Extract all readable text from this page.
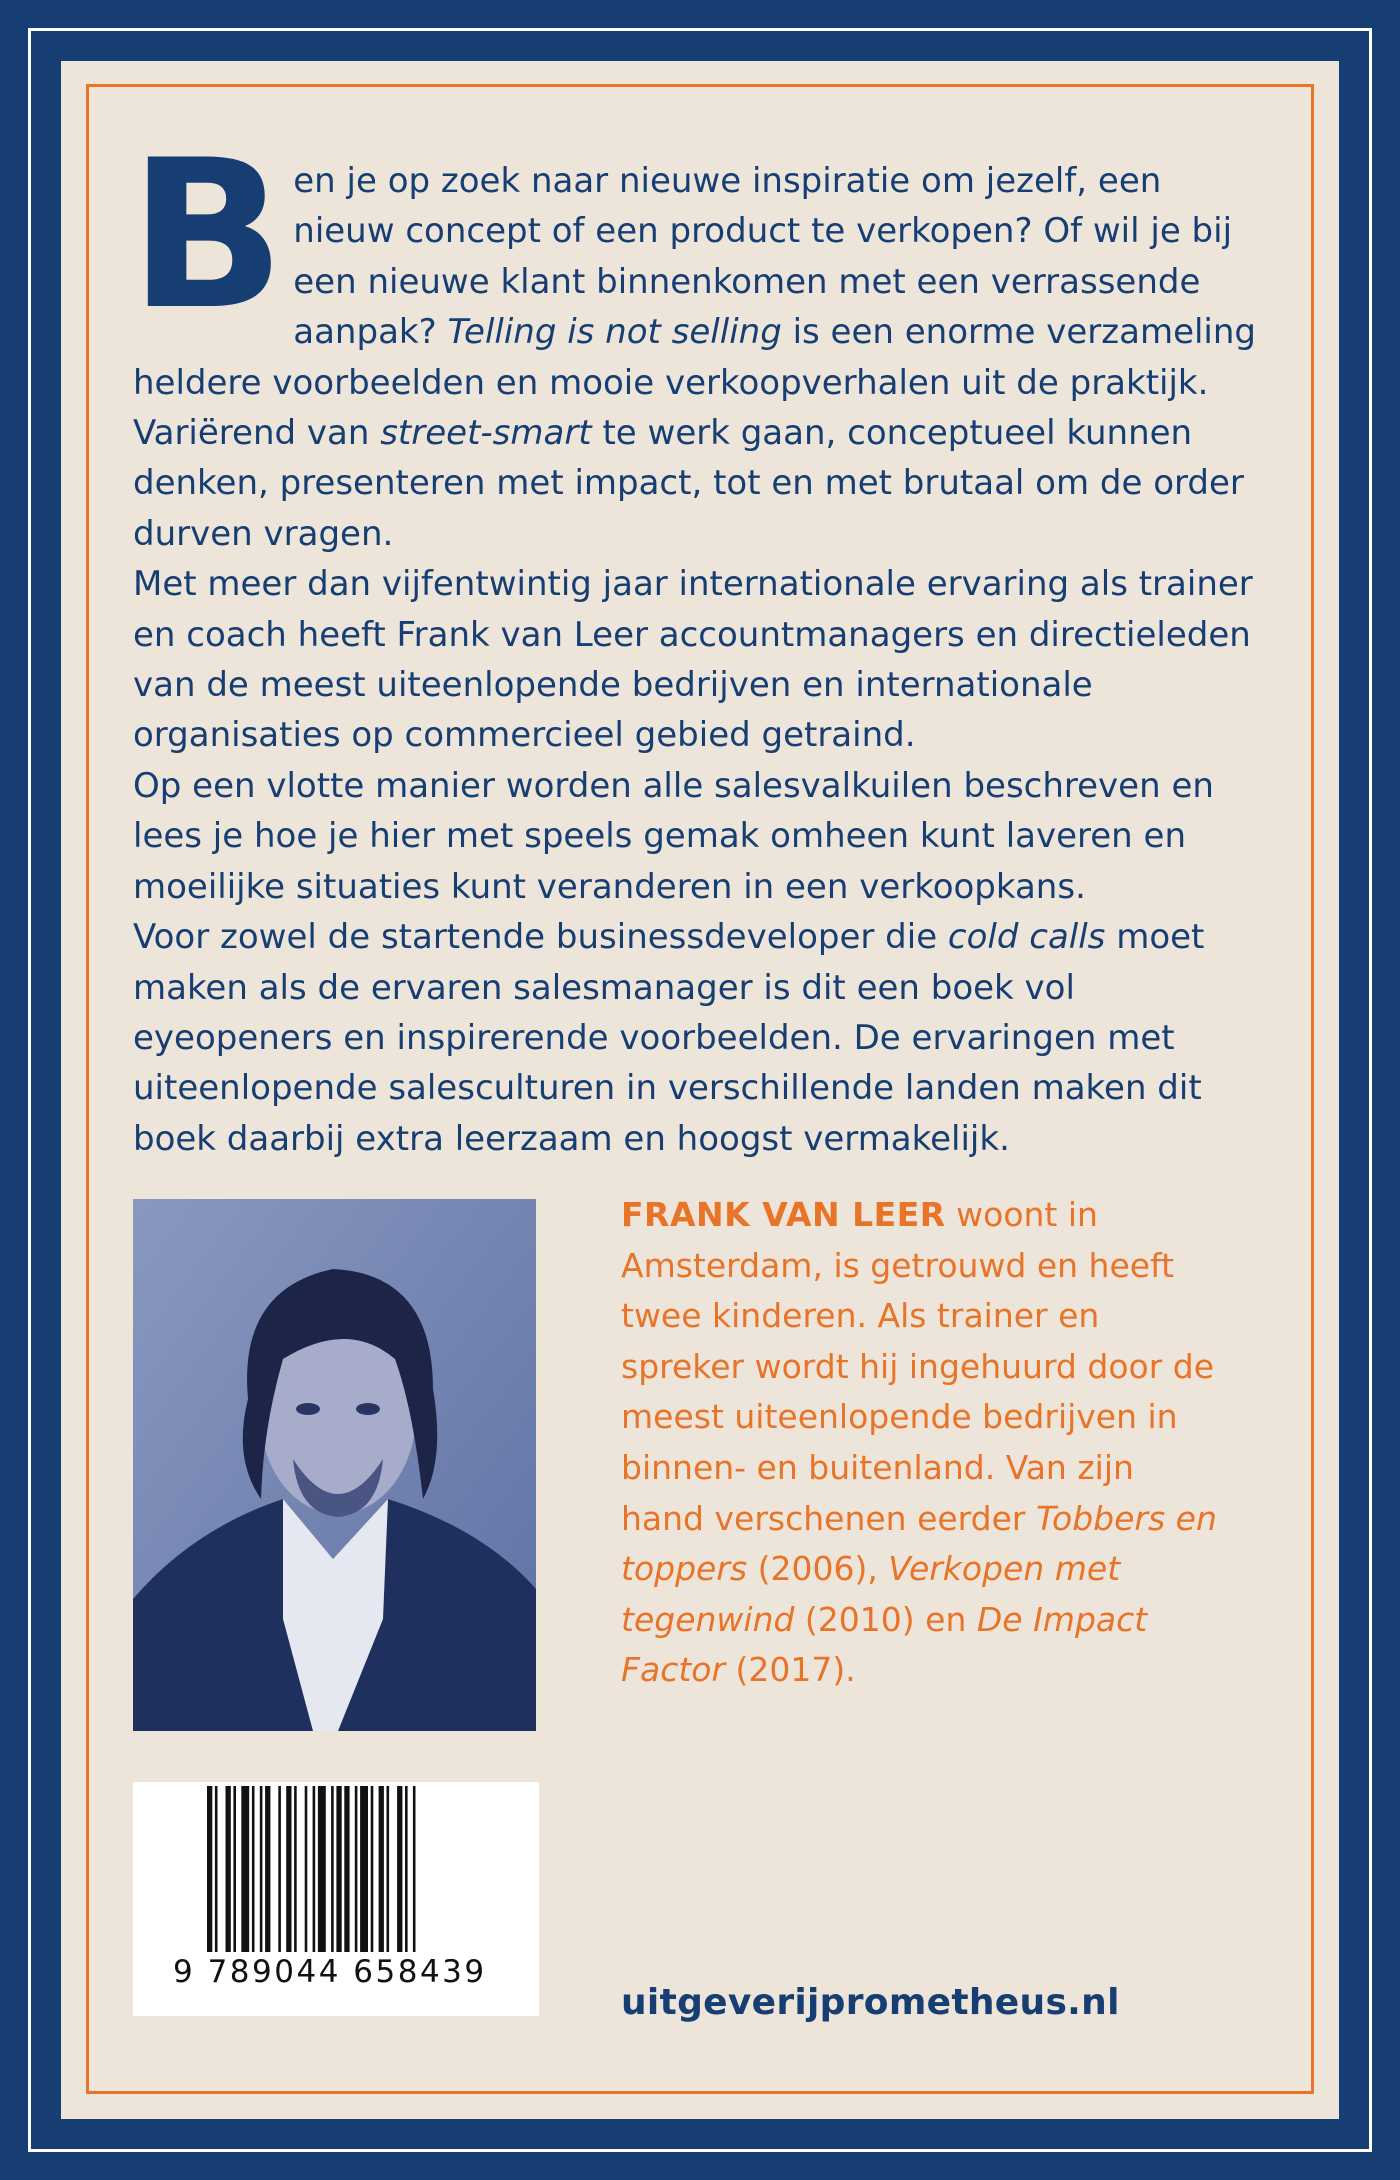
Ben je op zoek naar nieuwe inspiratie om jezelf, een nieuw concept of een product te verkopen? Of wil je bij een nieuwe klant binnenkomen met een verrassende aanpak? Telling is not selling is een enorme verzameling heldere voorbeelden en mooie verkoopverhalen uit de praktijk. Variërend van street-smart te werk gaan, conceptueel kunnen denken, presenteren met impact, tot en met brutaal om de order durven vragen.

Met meer dan vijfentwintig jaar internationale ervaring als trainer en coach heeft Frank van Leer accountmanagers en directieleden van de meest uiteenlopende bedrijven en internationale organisaties op commercieel gebied getraind.

Op een vlotte manier worden alle salesvalkuilen beschreven en lees je hoe je hier met speels gemak omheen kunt laveren en moeilijke situaties kunt veranderen in een verkoopkans.

Voor zowel de startende businessdeveloper die cold calls moet maken als de ervaren salesmanager is dit een boek vol eyeopeners en inspirerende voorbeelden. De ervaringen met uiteenlopende salesculturen in verschillende landen maken dit boek daarbij extra leerzaam en hoogst vermakelijk.

FRANK VAN LEER woont in Amsterdam, is getrouwd en heeft twee kinderen. Als trainer en spreker wordt hij ingehuurd door de meest uiteenlopende bedrijven in binnen- en buitenland. Van zijn hand verschenen eerder Tobbers en toppers (2006), Verkopen met tegenwind (2010) en De Impact Factor (2017).
9 789044 658439
uitgeverijprometheus.nl
